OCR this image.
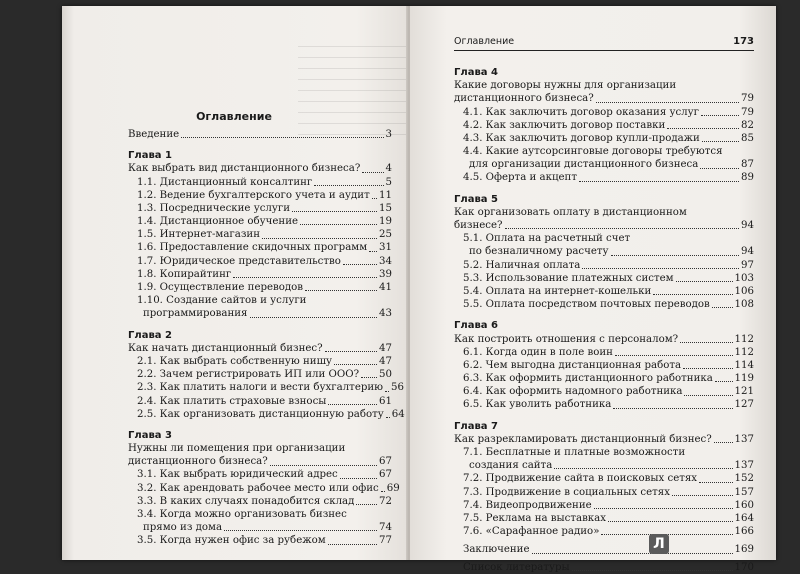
Оглавление
Введение	3
Глава 1
Как выбрать вид дистанционного бизнеса? 4
1.1. Дистанционный консалтинг	5
1.2. Ведение бухгалтерского учета и аудит 11
1.3. Посреднические услуги	15
1.4. Дистанционное обучение	19
1.5. Интернет-магазин	25
1.6. Предоставление скидочных программ 31
1.7. Юридическое представительство	34
1.8. Копирайтинг	39
1.9. Осуществление переводов	41
1.10. Создание сайтов и услуги
программирования	43
Глава 2
Как начать дистанционный бизнес?	47
2.1. Как выбрать собственную нишу	47
2.2. Зачем регистрировать ИП или ООО? 50
2.3. Как платить налоги и вести бухгалтерию 56
2.4. Как платить страховые взносы	61
2.5. Как организовать дистанционную работу 64
Глава 3
Нужны ли помещения при организации
дистанционного бизнеса?	67
3.1. Как выбрать юридический адрес	67
3.2. Как арендовать рабочее место или офис 69
3.3. В каких случаях понадобится склад 72
3.4. Когда можно организовать бизнес
прямо из дома	74
3.5. Когда нужен офис за рубежом	77
Оглавление	173
Глава 4
Какие договоры нужны для организации
дистанционного бизнеса?	79
4.1. Как заключить договор оказания услуг	79
4.2. Как заключить договор поставки	82
4.3. Как заключить договор купли-продажи	85
4.4. Какие аутсорсинговые договоры требуются
для организации дистанционного бизнеса	87
4.5. Оферта и акцепт	89
Глава 5
Как организовать оплату в дистанционном
бизнесе?	94
5.1. Оплата на расчетный счет
по безналичному расчету	94
5.2. Наличная оплата	97
5.3. Использование платежных систем	103
5.4. Оплата на интернет-кошельки	106
5.5. Оплата посредством почтовых переводов 108
Глава 6
Как построить отношения с персоналом?	112
6.1. Когда один в поле воин	112
6.2. Чем выгодна дистанционная работа	114
6.3. Как оформить дистанционного работника 119
6.4. Как оформить надомного работника	121
6.5. Как уволить работника	127
Глава 7
Как разрекламировать дистанционный бизнес? 137
7.1. Бесплатные и платные возможности
создания сайта	137
7.2. Продвижение сайта в поисковых сетях	152
7.3. Продвижение в социальных сетях	157
7.4. Видеопродвижение	160
7.5. Реклама на выставках	164
7.6. «Сарафанное радио»	166
Заключение	169
Список литературы	170
Л
